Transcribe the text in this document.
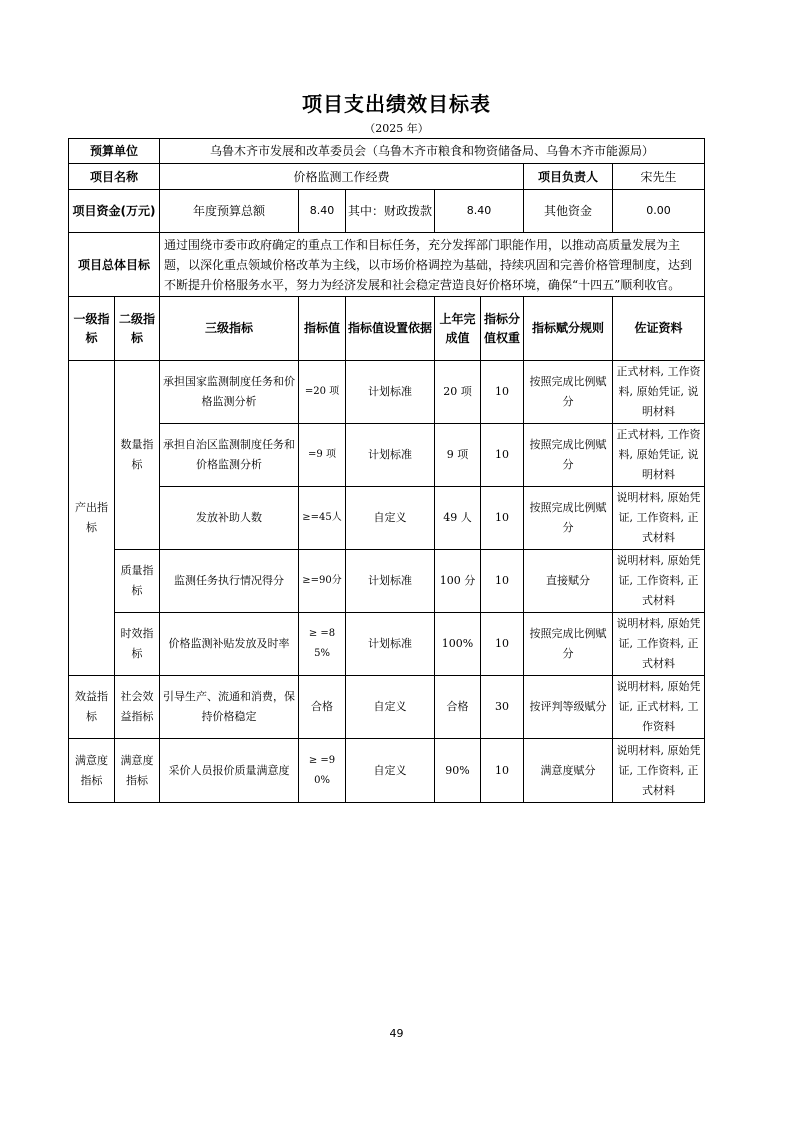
项目支出绩效目标表
（2025 年）
预算单位		乌鲁木齐市发展和改革委员会（乌鲁木齐市粮食和物资储备局、乌鲁木齐市能源局）						
项目名称		价格监测工作经费					项目负责人	宋先生
项目资金(万元)		年度预算总额	8.40	其中：财政拨款	8.40		其他资金	0.00
项目总体目标		通过围绕市委市政府确定的重点工作和目标任务，充分发挥部门职能作用，以推动高质量发展为主题，以深化重点领域价格改革为主线，以市场价格调控为基础，持续巩固和完善价格管理制度，达到不断提升价格服务水平，努力为经济发展和社会稳定营造良好价格环境，确保“十四五”顺利收官。						
一级指标	二级指标	三级指标	指标值	指标值设置依据	上年完成值	指标分值权重	指标赋分规则	佐证资料
产出指标	数量指标	承担国家监测制度任务和价格监测分析	=20 项	计划标准	20 项	10	按照完成比例赋分	正式材料, 工作资料, 原始凭证, 说明材料
		承担自治区监测制度任务和价格监测分析	=9 项	计划标准	9 项	10	按照完成比例赋分	正式材料, 工作资料, 原始凭证, 说明材料
		发放补助人数	≥=45人	自定义	49 人	10	按照完成比例赋分	说明材料, 原始凭证, 工作资料, 正式材料
	质量指标	监测任务执行情况得分	≥=90分	计划标准	100 分	10	直接赋分	说明材料, 原始凭证, 工作资料, 正式材料
	时效指标	价格监测补贴发放及时率	≥ =85%	计划标准	100%	10	按照完成比例赋分	说明材料, 原始凭证, 工作资料, 正式材料
效益指标	社会效益指标	引导生产、流通和消费，保持价格稳定	合格	自定义	合格	30	按评判等级赋分	说明材料, 原始凭证, 正式材料, 工作资料
满意度指标	满意度指标	采价人员报价质量满意度	≥ =90%	自定义	90%	10	满意度赋分	说明材料, 原始凭证, 工作资料, 正式材料
49
